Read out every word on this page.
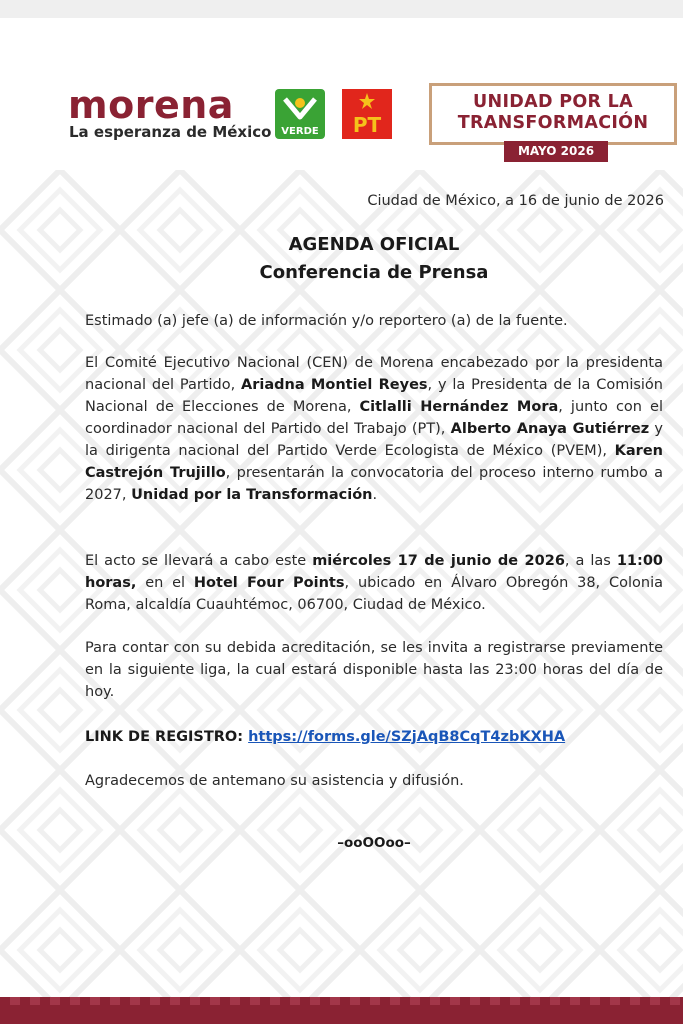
morena
La esperanza de México VERDE PT
UNIDAD POR LA
TRANSFORMACIÓN
MAYO 2026
Ciudad de México, a 16 de junio de 2026
AGENDA OFICIAL
Conferencia de Prensa
Estimado (a) jefe (a) de información y/o reportero (a) de la fuente.
El Comité Ejecutivo Nacional (CEN) de Morena encabezado por la presidenta nacional del Partido, Ariadna Montiel Reyes, y la Presidenta de la Comisión Nacional de Elecciones de Morena, Citlalli Hernández Mora, junto con el coordinador nacional del Partido del Trabajo (PT), Alberto Anaya Gutiérrez y la dirigenta nacional del Partido Verde Ecologista de México (PVEM), Karen Castrejón Trujillo, presentarán la convocatoria del proceso interno rumbo a 2027, Unidad por la Transformación.
El acto se llevará a cabo este miércoles 17 de junio de 2026, a las 11:00 horas, en el Hotel Four Points, ubicado en Álvaro Obregón 38, Colonia Roma, alcaldía Cuauhtémoc, 06700, Ciudad de México.
Para contar con su debida acreditación, se les invita a registrarse previamente en la siguiente liga, la cual estará disponible hasta las 23:00 horas del día de hoy.
LINK DE REGISTRO: https://forms.gle/SZjAqB8CqT4zbKXHA
Agradecemos de antemano su asistencia y difusión.
–ooOOoo–
